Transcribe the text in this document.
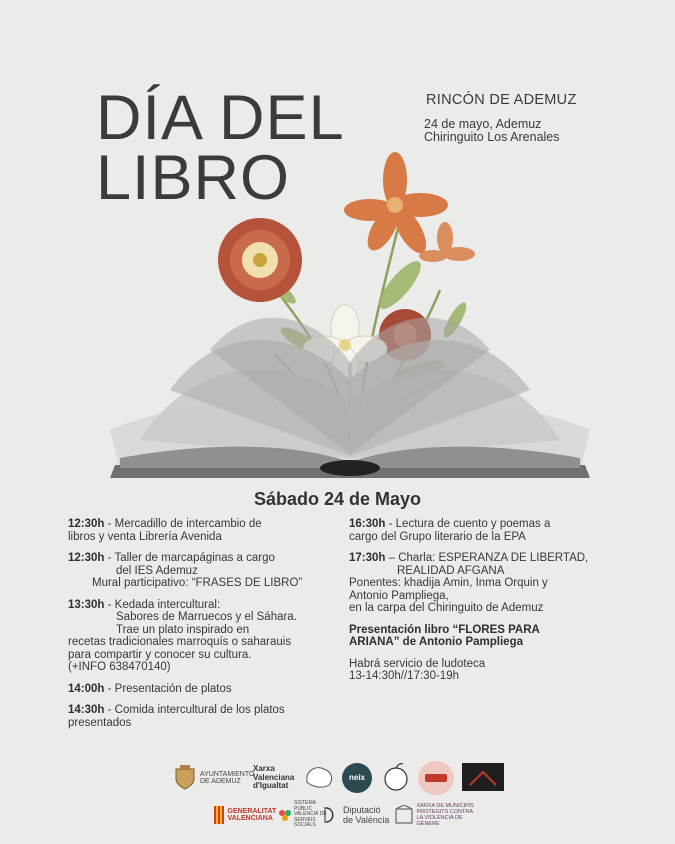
DÍA DEL
LIBRO
RINCÓN DE ADEMUZ
24 de mayo, Ademuz
Chiringuito Los Arenales
Sábado 24 de Mayo
12:30h - Mercadillo de intercambio de
libros y venta Librería Avenida
12:30h - Taller de marcapáginas a cargo
del IES Ademuz
Mural participativo: “FRASES DE LIBRO”
13:30h - Kedada intercultural:
Sabores de Marruecos y el Sáhara.
Trae un plato inspirado en
recetas tradicionales marroquís o saharauis
para compartir y conocer su cultura.
(+INFO 638470140)
14:00h - Presentación de platos
14:30h - Comida intercultural de los platos
presentados
16:30h - Lectura de cuento y poemas a
cargo del Grupo literario de la EPA
17:30h – Charla: ESPERANZA DE LIBERTAD,
REALIDAD AFGANA
Ponentes: khadija Amin, Inma Orquin y
Antonio Pampliega,
en la carpa del Chiringuito de Ademuz
Presentación libro “FLORES PARA
ARIANA” de Antonio Pampliega
Habrá servicio de ludoteca
13-14:30h//17:30-19h
AYUNTAMIENTO DE ADEMUZ
Xarxa Valenciana d'Igualtat
neix
GENERALITAT VALENCIANA
SISTEMA PÚBLIC VALENCIÀ DE SERVEIS SOCIALS
Diputació de València
XARXA DE MUNICIPIS PROTEGITS CONTRA LA VIOLÈNCIA DE GÈNERE
